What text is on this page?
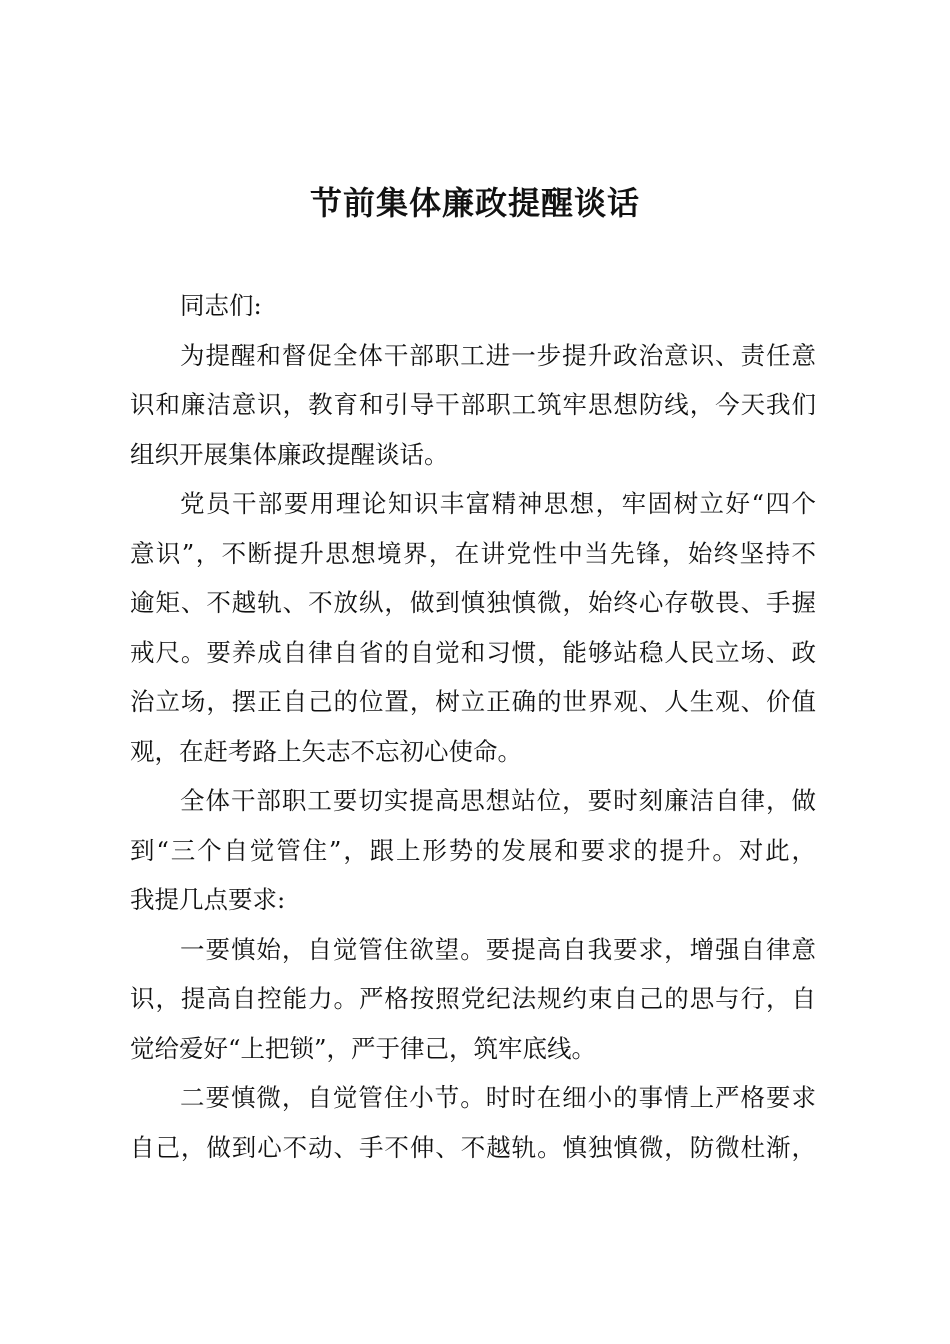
节前集体廉政提醒谈话
同志们:
为提醒和督促全体干部职工进一步提升政治意识、责任意
识和廉洁意识，教育和引导干部职工筑牢思想防线，今天我们
组织开展集体廉政提醒谈话。
党员干部要用理论知识丰富精神思想，牢固树立好“四个
意识”，不断提升思想境界，在讲党性中当先锋，始终坚持不
逾矩、不越轨、不放纵，做到慎独慎微，始终心存敬畏、手握
戒尺。要养成自律自省的自觉和习惯，能够站稳人民立场、政
治立场，摆正自己的位置，树立正确的世界观、人生观、价值
观，在赶考路上矢志不忘初心使命。
全体干部职工要切实提高思想站位，要时刻廉洁自律，做
到“三个自觉管住”，跟上形势的发展和要求的提升。对此，
我提几点要求:
一要慎始，自觉管住欲望。要提高自我要求，增强自律意
识，提高自控能力。严格按照党纪法规约束自己的思与行，自
觉给爱好“上把锁”，严于律己，筑牢底线。
二要慎微，自觉管住小节。时时在细小的事情上严格要求
自己，做到心不动、手不伸、不越轨。慎独慎微，防微杜渐，
